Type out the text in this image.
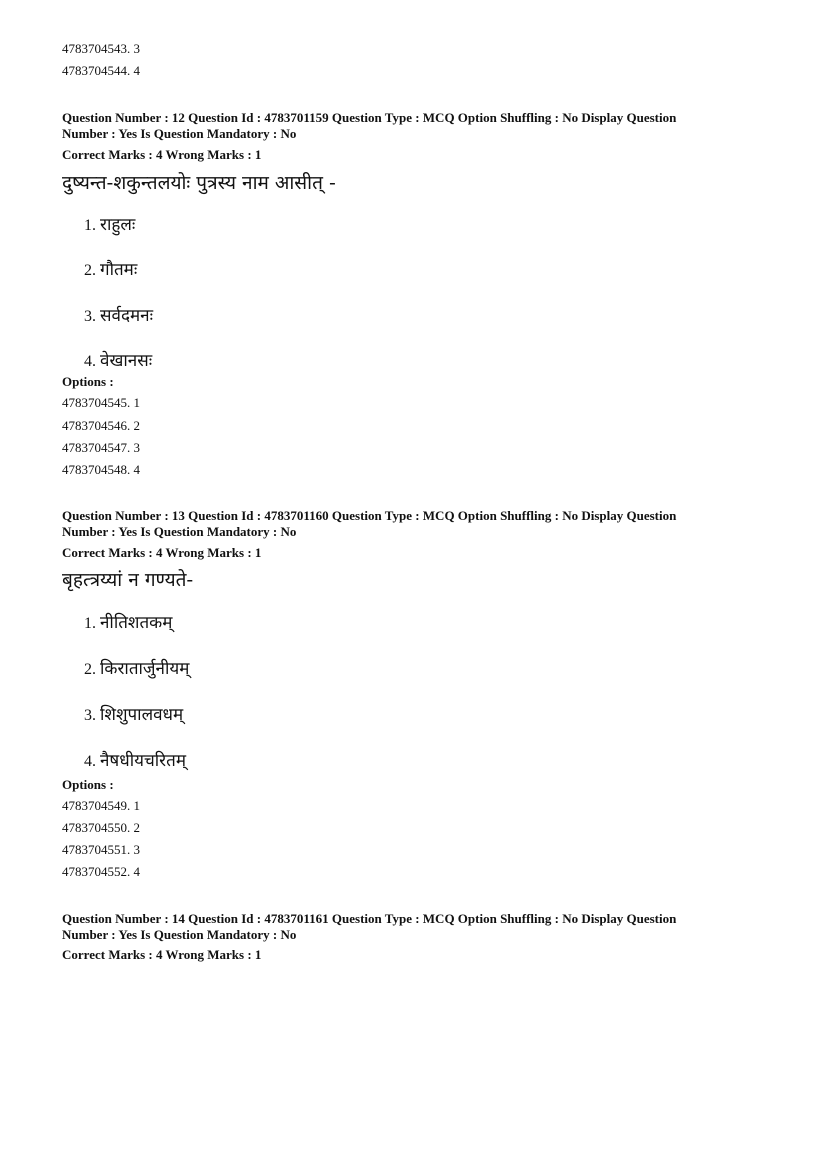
4783704543. 3
4783704544. 4
Question Number : 12 Question Id : 4783701159 Question Type : MCQ Option Shuffling : No Display Question
Number : Yes Is Question Mandatory : No
Correct Marks : 4 Wrong Marks : 1
दुष्यन्त-शकुन्तलयोः पुत्रस्य नाम आसीत् -
1. राहुलः
2. गौतमः
3. सर्वदमनः
4. वेखानसः
Options :
4783704545. 1
4783704546. 2
4783704547. 3
4783704548. 4
Question Number : 13 Question Id : 4783701160 Question Type : MCQ Option Shuffling : No Display Question
Number : Yes Is Question Mandatory : No
Correct Marks : 4 Wrong Marks : 1
बृहत्त्रय्यां न गण्यते-
1. नीतिशतकम्
2. किरातार्जुनीयम्
3. शिशुपालवधम्
4. नैषधीयचरितम्
Options :
4783704549. 1
4783704550. 2
4783704551. 3
4783704552. 4
Question Number : 14 Question Id : 4783701161 Question Type : MCQ Option Shuffling : No Display Question
Number : Yes Is Question Mandatory : No
Correct Marks : 4 Wrong Marks : 1
